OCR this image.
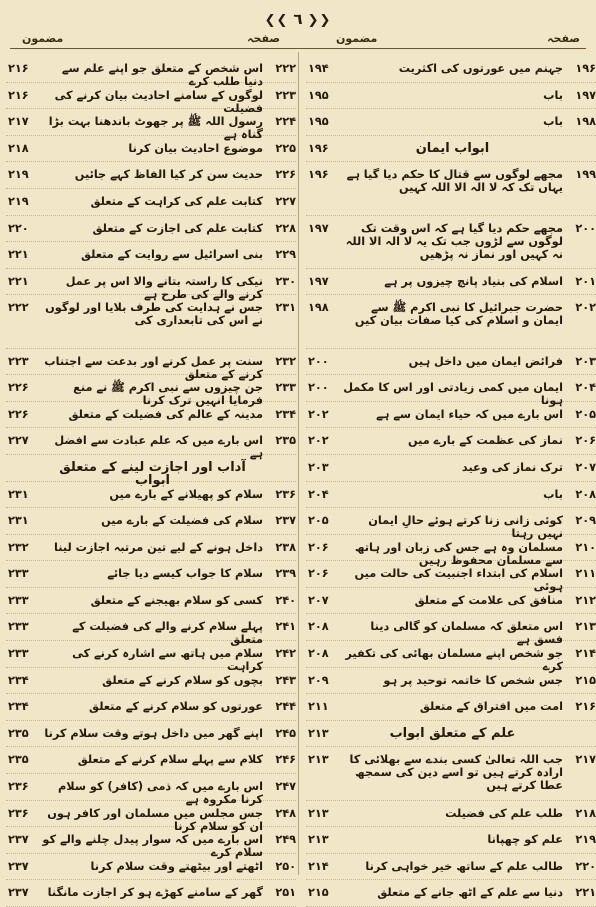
❮❮ ٦ ❯❯
صفحہ
مضمون
صفحہ
مضمون
۱۹۶
جہنم میں عورتوں کی اکثریت
۱۹۴
۱۹۷
باب
۱۹۵
۱۹۸
باب
۱۹۵
ابواب ایمان
۱۹۶
۱۹۹
مجھے لوگوں سے قتال کا حکم دیا گیا ہے یہاں تک کہ لا الہ الا اللہ کہیں
۱۹۶
۲۰۰
مجھے حکم دیا گیا ہے کہ اس وقت تک لوگوں سے لڑوں جب تک یہ لا الہ الا اللہ نہ کہیں اور نماز نہ پڑھیں
۱۹۷
۲۰۱
اسلام کی بنیاد پانچ چیزوں پر ہے
۱۹۷
۲۰۲
حضرت جبرائیل کا نبی اکرم ﷺ سے ایمان و اسلام کی کیا صفات بیان کیں
۱۹۸
۲۰۳
فرائض ایمان میں داخل ہیں
۲۰۰
۲۰۴
ایمان میں کمی زیادتی اور اس کا مکمل ہونا
۲۰۰
۲۰۵
اس بارے میں کہ حیاء ایمان سے ہے
۲۰۲
۲۰۶
نماز کی عظمت کے بارے میں
۲۰۲
۲۰۷
ترک نماز کی وعید
۲۰۳
۲۰۸
باب
۲۰۴
۲۰۹
کوئی زانی زنا کرتے ہوئے حالِ ایمان نہیں رہتا
۲۰۵
۲۱۰
مسلمان وہ ہے جس کی زبان اور ہاتھ سے مسلمان محفوظ رہیں
۲۰۶
۲۱۱
اسلام کی ابتداء اجنبیت کی حالت میں ہوئی
۲۰۶
۲۱۲
منافق کی علامت کے متعلق
۲۰۷
۲۱۳
اس متعلق کہ مسلمان کو گالی دینا فسق ہے
۲۰۸
۲۱۴
جو شخص اپنے مسلمان بھائی کی تکفیر کرے
۲۰۸
۲۱۵
جس شخص کا خاتمہ توحید پر ہو
۲۰۹
۲۱۶
امت میں افتراق کے متعلق
۲۱۱
علم کے متعلق ابواب
۲۱۳
۲۱۷
جب اللہ تعالیٰ کسی بندے سے بھلائی کا ارادہ کرتے ہیں تو اسے دین کی سمجھ عطا کرتے ہیں
۲۱۳
۲۱۸
طلب علم کی فضیلت
۲۱۳
۲۱۹
علم کو چھپانا
۲۱۳
۲۲۰
طالب علم کے ساتھ خیر خواہی کرنا
۲۱۴
۲۲۱
دنیا سے علم کے اٹھ جانے کے متعلق
۲۱۵
۲۲۲
اس شخص کے متعلق جو اپنے علم سے دنیا طلب کرے
۲۱۶
۲۲۳
لوگوں کے سامنے احادیث بیان کرنے کی فضیلت
۲۱۶
۲۲۴
رسول اللہ ﷺ پر جھوٹ باندھنا بہت بڑا گناہ ہے
۲۱۷
۲۲۵
موضوع احادیث بیان کرنا
۲۱۸
۲۲۶
حدیث سن کر کیا الفاظ کہے جائیں
۲۱۹
۲۲۷
کتابت علم کی کراہت کے متعلق
۲۱۹
۲۲۸
کتابت علم کی اجازت کے متعلق
۲۲۰
۲۲۹
بنی اسرائیل سے روایت کے متعلق
۲۲۱
۲۳۰
نیکی کا راستہ بتانے والا اس پر عمل کرنے والے کی طرح ہے
۲۲۱
۲۳۱
جس نے ہدایت کی طرف بلایا اور لوگوں نے اس کی تابعداری کی
۲۲۲
۲۳۲
سنت پر عمل کرنے اور بدعت سے اجتناب کرنے کے متعلق
۲۲۳
۲۳۳
جن چیزوں سے نبی اکرم ﷺ نے منع فرمایا انہیں ترک کرنا
۲۲۶
۲۳۴
مدینہ کے عالم کی فضیلت کے متعلق
۲۲۶
۲۳۵
اس بارے میں کہ علم عبادت سے افضل ہے
۲۲۷
آداب اور اجازت لینے کے متعلق ابواب
۲۳۶
سلام کو پھیلانے کے بارے میں
۲۳۱
۲۳۷
سلام کی فضیلت کے بارے میں
۲۳۱
۲۳۸
داخل ہونے کے لیے تین مرتبہ اجازت لینا
۲۳۲
۲۳۹
سلام کا جواب کیسے دیا جائے
۲۳۳
۲۴۰
کسی کو سلام بھیجنے کے متعلق
۲۳۳
۲۴۱
پہلے سلام کرنے والے کی فضیلت کے متعلق
۲۳۳
۲۴۲
سلام میں ہاتھ سے اشارہ کرنے کی کراہت
۲۳۳
۲۴۳
بچوں کو سلام کرنے کے متعلق
۲۳۴
۲۴۴
عورتوں کو سلام کرنے کے متعلق
۲۳۴
۲۴۵
اپنے گھر میں داخل ہوتے وقت سلام کرنا
۲۳۵
۲۴۶
کلام سے پہلے سلام کرنے کے متعلق
۲۳۵
۲۴۷
اس بارے میں کہ ذمی (کافر) کو سلام کرنا مکروہ ہے
۲۳۶
۲۴۸
جس مجلس میں مسلمان اور کافر ہوں ان کو سلام کرنا
۲۳۶
۲۴۹
اس بارے میں کہ سوار پیدل چلنے والے کو سلام کرے
۲۳۷
۲۵۰
اٹھتے اور بیٹھتے وقت سلام کرنا
۲۳۷
۲۵۱
گھر کے سامنے کھڑے ہو کر اجازت مانگنا
۲۳۷
